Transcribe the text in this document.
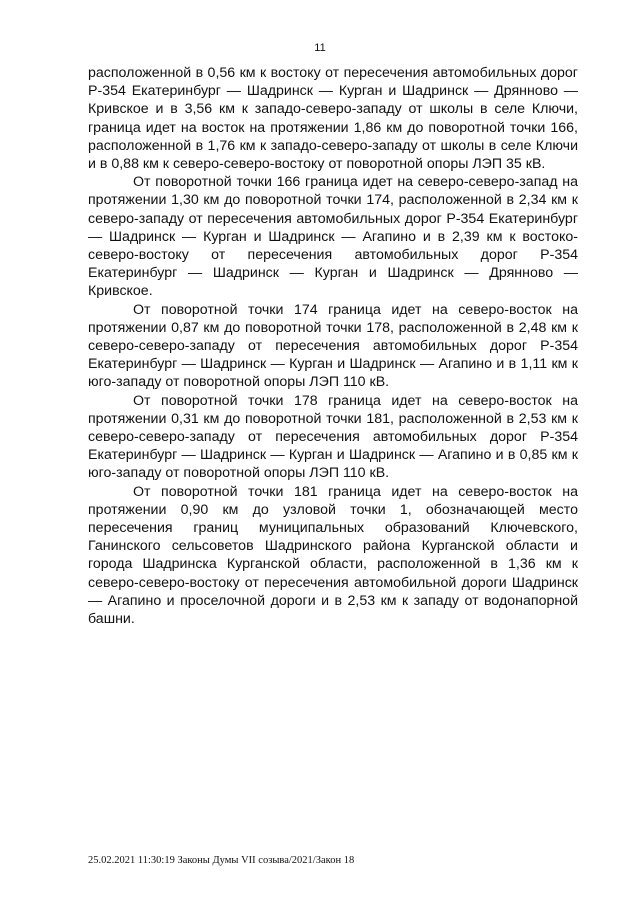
11

расположенной в 0,56 км к востоку от пересечения автомобильных дорог Р-354 Екатеринбург — Шадринск — Курган и Шадринск — Дрянново — Кривское и в 3,56 км к западо-северо-западу от школы в селе Ключи, граница идет на восток на протяжении 1,86 км до поворотной точки 166, расположенной в 1,76 км к западо-северо-западу от школы в селе Ключи и в 0,88 км к северо-северо-востоку от поворотной опоры ЛЭП 35 кВ.

От поворотной точки 166 граница идет на северо-северо-запад на протяжении 1,30 км до поворотной точки 174, расположенной в 2,34 км к северо-западу от пересечения автомобильных дорог Р-354 Екатеринбург — Шадринск — Курган и Шадринск — Агапино и в 2,39 км к востоко-северо-востоку от пересечения автомобильных дорог Р-354 Екатеринбург — Шадринск — Курган и Шадринск — Дрянново — Кривское.

От поворотной точки 174 граница идет на северо-восток на протяжении 0,87 км до поворотной точки 178, расположенной в 2,48 км к северо-северо-западу от пересечения автомобильных дорог Р-354 Екатеринбург — Шадринск — Курган и Шадринск — Агапино и в 1,11 км к юго-западу от поворотной опоры ЛЭП 110 кВ.

От поворотной точки 178 граница идет на северо-восток на протяжении 0,31 км до поворотной точки 181, расположенной в 2,53 км к северо-северо-западу от пересечения автомобильных дорог Р-354 Екатеринбург — Шадринск — Курган и Шадринск — Агапино и в 0,85 км к юго-западу от поворотной опоры ЛЭП 110 кВ.

От поворотной точки 181 граница идет на северо-восток на протяжении 0,90 км до узловой точки 1, обозначающей место пересечения границ муниципальных образований Ключевского, Ганинского сельсоветов Шадринского района Курганской области и города Шадринска Курганской области, расположенной в 1,36 км к северо-северо-востоку от пересечения автомобильной дороги Шадринск — Агапино и проселочной дороги и в 2,53 км к западу от водонапорной башни.

25.02.2021 11:30:19 Законы Думы VII созыва/2021/Закон 18
